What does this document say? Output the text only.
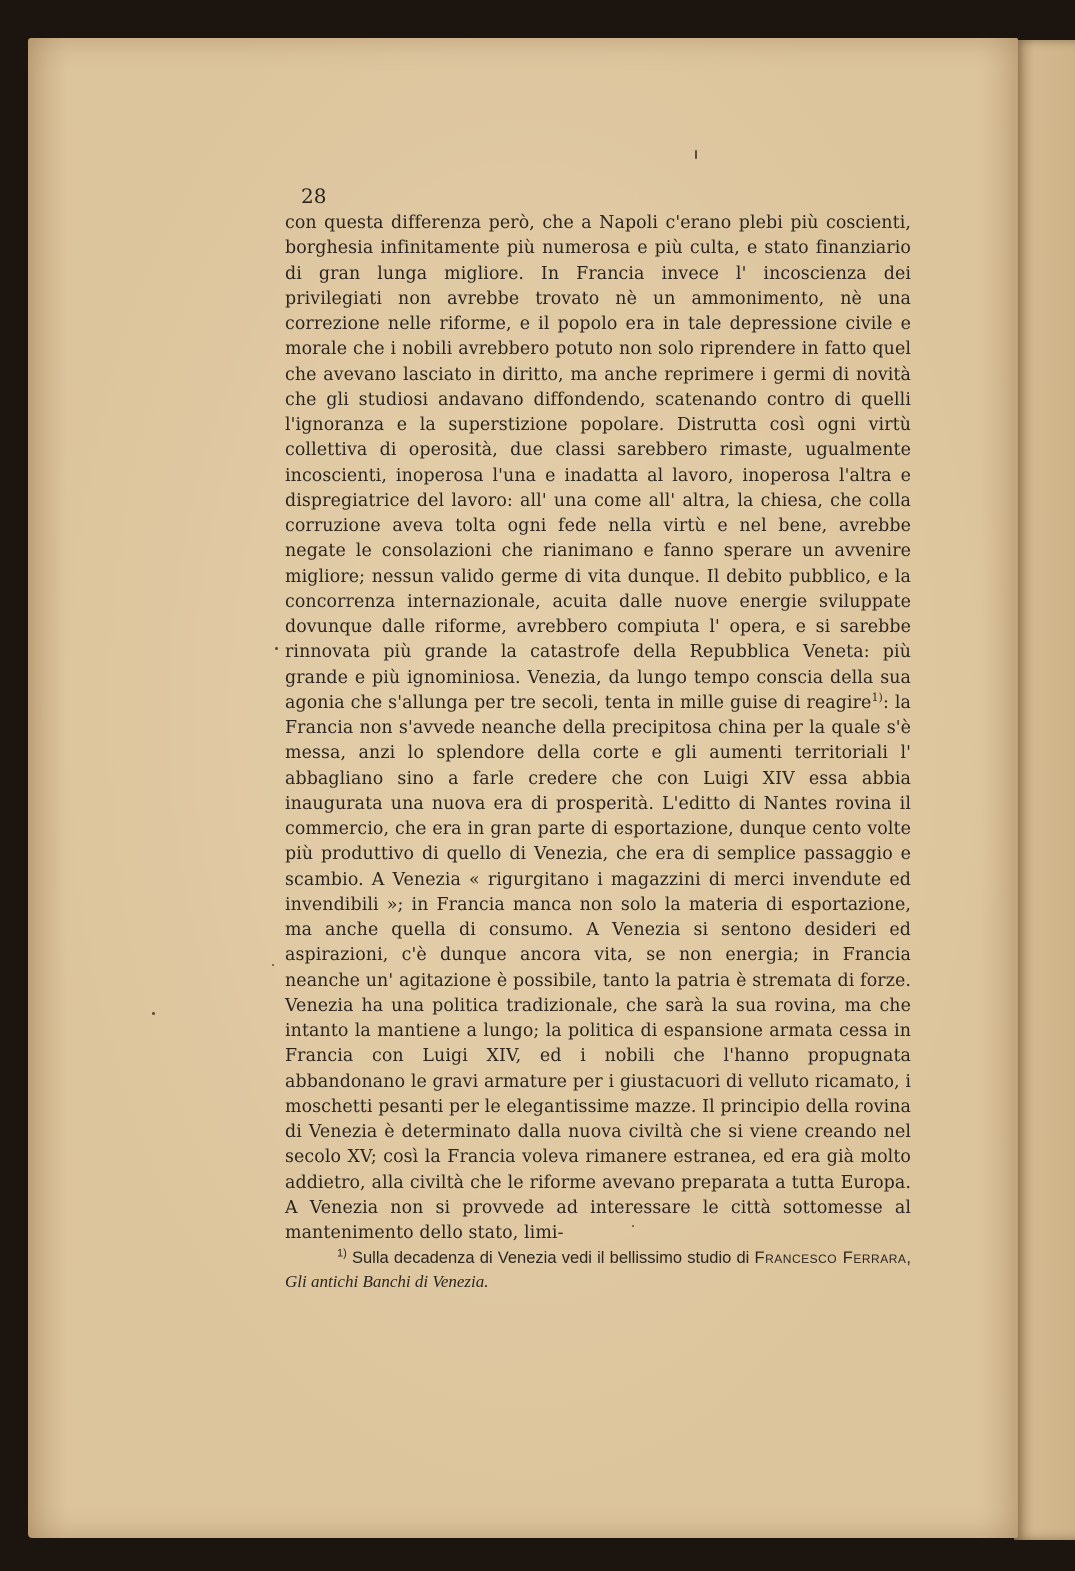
28

con questa differenza però, che a Napoli c'erano plebi più coscienti, borghesia infinitamente più numerosa e più culta, e stato finanziario di gran lunga migliore. In Francia invece l' incoscienza dei privilegiati non avrebbe trovato nè un ammonimento, nè una correzione nelle riforme, e il popolo era in tale depressione civile e morale che i nobili avrebbero potuto non solo riprendere in fatto quel che avevano lasciato in diritto, ma anche reprimere i germi di novità che gli studiosi andavano diffondendo, scatenando contro di quelli l'ignoranza e la superstizione popolare. Distrutta così ogni virtù collettiva di operosità, due classi sarebbero rimaste, ugualmente incoscienti, inoperosa l'una e inadatta al lavoro, inoperosa l'altra e dispregiatrice del lavoro: all' una come all' altra, la chiesa, che colla corruzione aveva tolta ogni fede nella virtù e nel bene, avrebbe negate le consolazioni che rianimano e fanno sperare un avvenire migliore; nessun valido germe di vita dunque. Il debito pubblico, e la concorrenza internazionale, acuita dalle nuove energie sviluppate dovunque dalle riforme, avrebbero compiuta l' opera, e si sarebbe rinnovata più grande la catastrofe della Repubblica Veneta: più grande e più ignominiosa. Venezia, da lungo tempo conscia della sua agonia che s'allunga per tre secoli, tenta in mille guise di reagire$^{1)}$: la Francia non s'avvede neanche della precipitosa china per la quale s'è messa, anzi lo splendore della corte e gli aumenti territoriali l' abbagliano sino a farle credere che con Luigi XIV essa abbia inaugurata una nuova era di prosperità. L'editto di Nantes rovina il commercio, che era in gran parte di esportazione, dunque cento volte più produttivo di quello di Venezia, che era di semplice passaggio e scambio. A Venezia « rigurgitano i magazzini di merci invendute ed invendibili »; in Francia manca non solo la materia di esportazione, ma anche quella di consumo. A Venezia si sentono desideri ed aspirazioni, c'è dunque ancora vita, se non energia; in Francia neanche un' agitazione è possibile, tanto la patria è stremata di forze. Venezia ha una politica tradizionale, che sarà la sua rovina, ma che intanto la mantiene a lungo; la politica di espansione armata cessa in Francia con Luigi XIV, ed i nobili che l'hanno propugnata abbandonano le gravi armature per i giustacuori di velluto ricamato, i moschetti pesanti per le elegantissime mazze. Il principio della rovina di Venezia è determinato dalla nuova civiltà che si viene creando nel secolo XV; così la Francia voleva rimanere estranea, ed era già molto addietro, alla civiltà che le riforme avevano preparata a tutta Europa. A Venezia non si provvede ad interessare le città sottomesse al mantenimento dello stato, limi-

$^{1)}$ Sulla decadenza di Venezia vedi il bellissimo studio di Francesco Ferrara, Gli antichi Banchi di Venezia.
